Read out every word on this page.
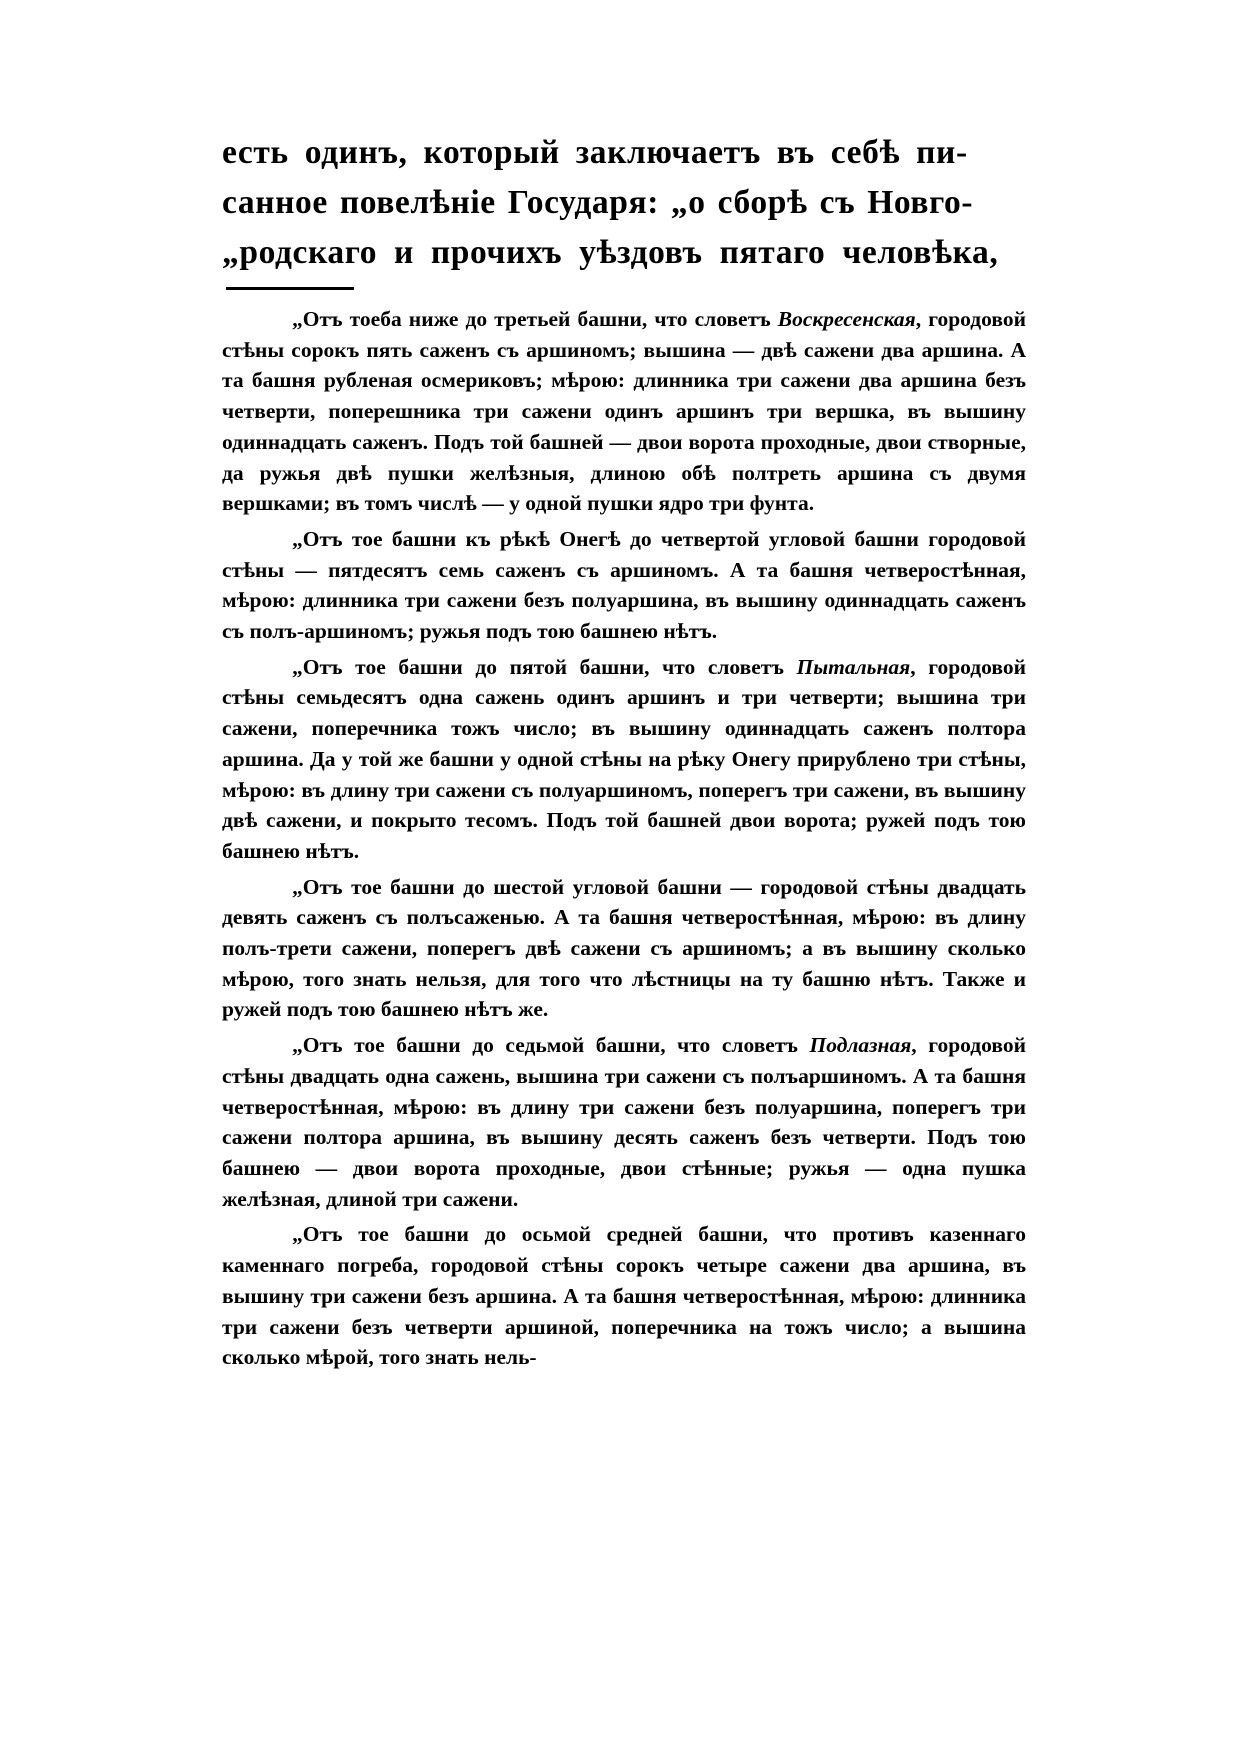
есть одинъ, который заключаетъ въ себѣ пи-
санное повелѣніе Государя: „о сборѣ съ Новго-
„родскаго и прочихъ уѣздовъ пятаго человѣка,

„Отъ тоеба ниже до третьей башни, что словетъ Воскресенская, городовой стѣны сорокъ пять саженъ съ аршиномъ; вышина — двѣ сажени два аршина. А та башня рубленая осмериковъ; мѣрою: длинника три сажени два аршина безъ четверти, поперешника три сажени одинъ аршинъ три вершка, въ вышину одиннадцать саженъ. Подъ той башней — двои ворота проходные, двои створные, да ружья двѣ пушки желѣзныя, длиною обѣ полтреть аршина съ двумя вершками; въ томъ числѣ — у одной пушки ядро три фунта.

„Отъ тое башни къ рѣкѣ Онегѣ до четвертой угловой башни городовой стѣны — пятдесятъ семь саженъ съ аршиномъ. А та башня четверостѣнная, мѣрою: длинника три сажени безъ полуаршина, въ вышину одиннадцать саженъ съ полъ-аршиномъ; ружья подъ тою башнею нѣтъ.

„Отъ тое башни до пятой башни, что словетъ Пытальная, городовой стѣны семьдесятъ одна сажень одинъ аршинъ и три четверти; вышина три сажени, поперечника тожъ число; въ вышину одиннадцать саженъ полтора аршина. Да у той же башни у одной стѣны на рѣку Онегу прирублено три стѣны, мѣрою: въ длину три сажени съ полуаршиномъ, поперегъ три сажени, въ вышину двѣ сажени, и покрыто тесомъ. Подъ той башней двои ворота; ружей подъ тою башнею нѣтъ.

„Отъ тое башни до шестой угловой башни — городовой стѣны двадцать девять саженъ съ полъсаженью. А та башня четверостѣнная, мѣрою: въ длину полъ-трети сажени, поперегъ двѣ сажени съ аршиномъ; а въ вышину сколько мѣрою, того знать нельзя, для того что лѣстницы на ту башню нѣтъ. Также и ружей подъ тою башнею нѣтъ же.

„Отъ тое башни до седьмой башни, что словетъ Подлазная, городовой стѣны двадцать одна сажень, вышина три сажени съ полъаршиномъ. А та башня четверостѣнная, мѣрою: въ длину три сажени безъ полуаршина, поперегъ три сажени полтора аршина, въ вышину десять саженъ безъ четверти. Подъ тою башнею — двои ворота проходные, двои стѣнные; ружья — одна пушка желѣзная, длиной три сажени.

„Отъ тое башни до осьмой средней башни, что противъ казеннаго каменнаго погреба, городовой стѣны сорокъ четыре сажени два аршина, въ вышину три сажени безъ аршина. А та башня четверостѣнная, мѣрою: длинника три сажени безъ четверти аршиной, поперечника на тожъ число; а вышина сколько мѣрой, того знать нель-
